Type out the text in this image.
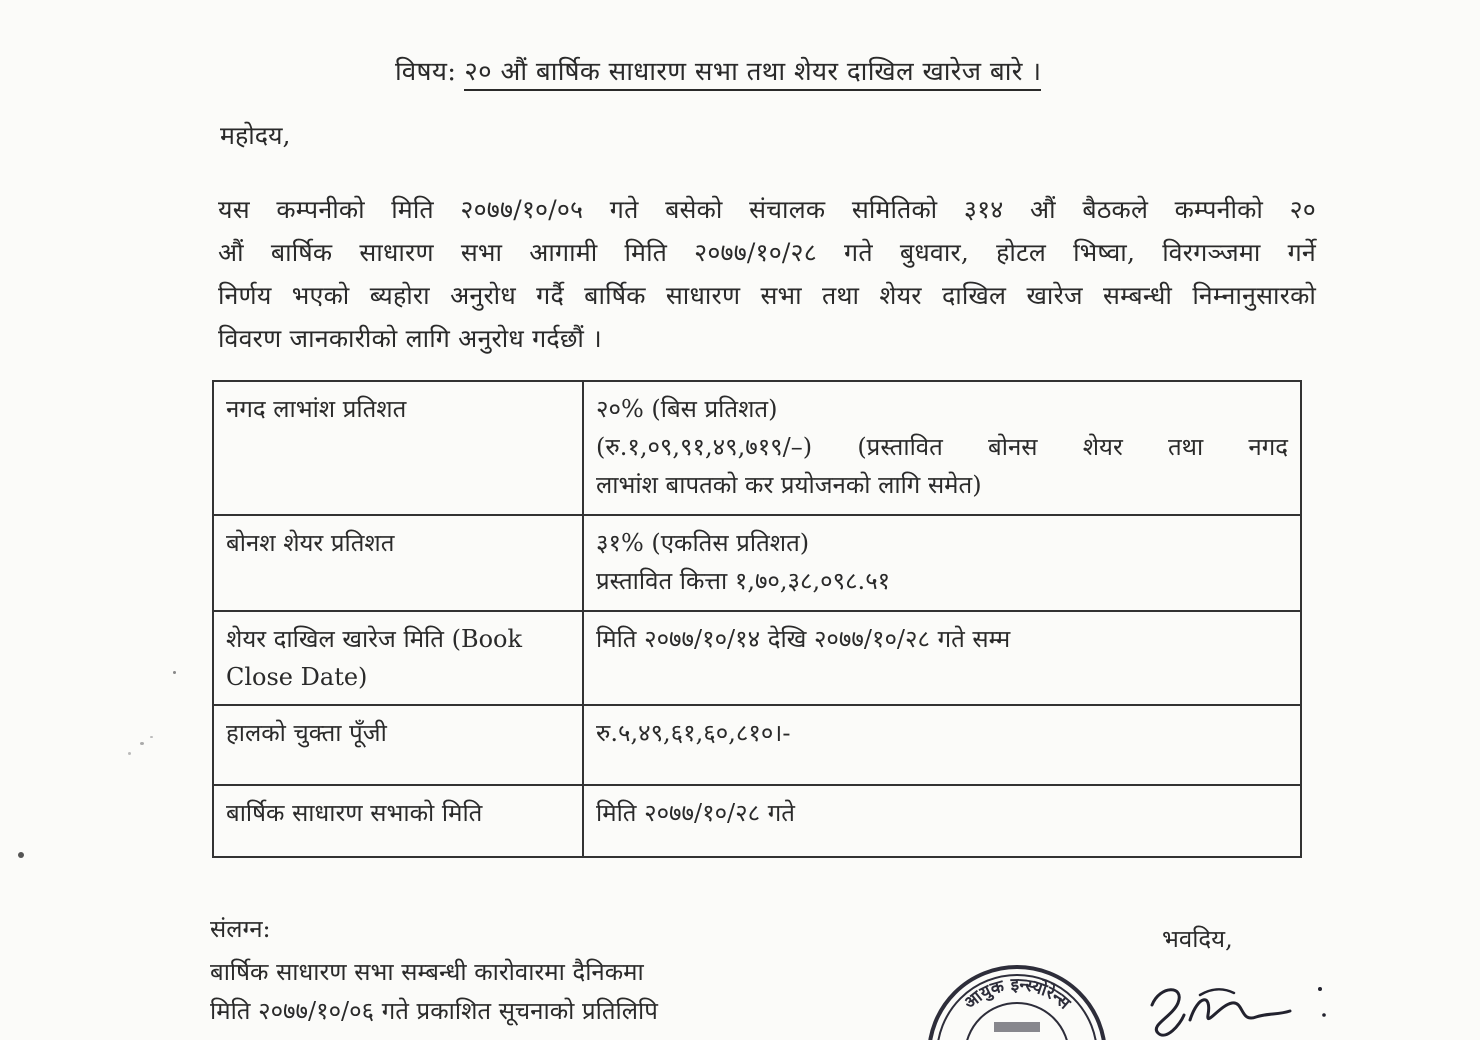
विषय: २० औं बार्षिक साधारण सभा तथा शेयर दाखिल खारेज बारे ।
महोदय,
यस कम्पनीको मिति २०७७/१०/०५ गते बसेको संचालक समितिको ३१४ औं बैठकले कम्पनीको २०
औं बार्षिक साधारण सभा आगामी मिति २०७७/१०/२८ गते बुधवार, होटल भिष्वा, विरगञ्जमा गर्ने
निर्णय भएको ब्यहोरा अनुरोध गर्दै बार्षिक साधारण सभा तथा शेयर दाखिल खारेज सम्बन्धी निम्नानुसारको
विवरण जानकारीको लागि अनुरोध गर्दछौं ।
नगद लाभांश प्रतिशत	२०% (बिस प्रतिशत)
(रु.१,०९,९१,४९,७१९/–) (प्रस्तावित बोनस शेयर तथा नगद
लाभांश बापतको कर प्रयोजनको लागि समेत)

बोनश शेयर प्रतिशत	३१% (एकतिस प्रतिशत)
प्रस्तावित कित्ता १,७०,३८,०९८.५१

शेयर दाखिल खारेज मिति (Book Close Date)	मिति २०७७/१०/१४ देखि २०७७/१०/२८ गते सम्म

हालको चुक्ता पूँजी	रु.५,४९,६१,६०,८१०।-

बार्षिक साधारण सभाको मिति	मिति २०७७/१०/२८ गते
संलग्न:
बार्षिक साधारण सभा सम्बन्धी कारोवारमा दैनिकमा
मिति २०७७/१०/०६ गते प्रकाशित सूचनाको प्रतिलिपि
भवदिय,
आयुक इन्स्योरेन्स
